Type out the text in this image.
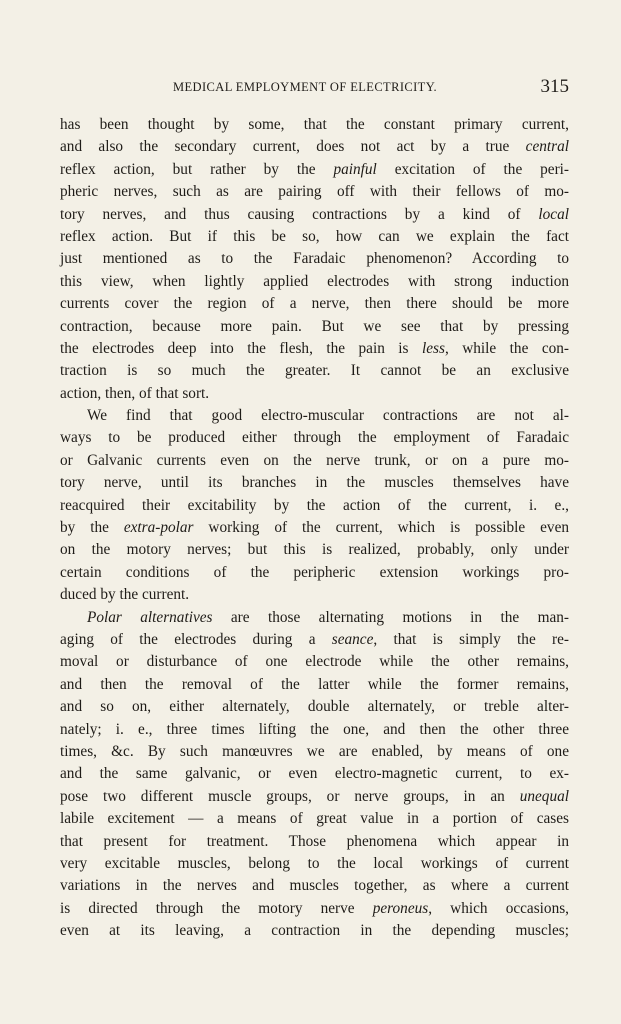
MEDICAL EMPLOYMENT OF ELECTRICITY.	315
has been thought by some, that the constant primary current,
and also the secondary current, does not act by a true central
reflex action, but rather by the painful excitation of the peri-
pheric nerves, such as are pairing off with their fellows of mo-
tory nerves, and thus causing contractions by a kind of local
reflex action. But if this be so, how can we explain the fact
just mentioned as to the Faradaic phenomenon? According to
this view, when lightly applied electrodes with strong induction
currents cover the region of a nerve, then there should be more
contraction, because more pain. But we see that by pressing
the electrodes deep into the flesh, the pain is less, while the con-
traction is so much the greater. It cannot be an exclusive
action, then, of that sort.
We find that good electro-muscular contractions are not al-
ways to be produced either through the employment of Faradaic
or Galvanic currents even on the nerve trunk, or on a pure mo-
tory nerve, until its branches in the muscles themselves have
reacquired their excitability by the action of the current, i. e.,
by the extra-polar working of the current, which is possible even
on the motory nerves; but this is realized, probably, only under
certain conditions of the peripheric extension workings pro-
duced by the current.
Polar alternatives are those alternating motions in the man-
aging of the electrodes during a seance, that is simply the re-
moval or disturbance of one electrode while the other remains,
and then the removal of the latter while the former remains,
and so on, either alternately, double alternately, or treble alter-
nately; i. e., three times lifting the one, and then the other three
times, &c. By such manœuvres we are enabled, by means of one
and the same galvanic, or even electro-magnetic current, to ex-
pose two different muscle groups, or nerve groups, in an unequal
labile excitement — a means of great value in a portion of cases
that present for treatment. Those phenomena which appear in
very excitable muscles, belong to the local workings of current
variations in the nerves and muscles together, as where a current
is directed through the motory nerve peroneus, which occasions,
even at its leaving, a contraction in the depending muscles;
